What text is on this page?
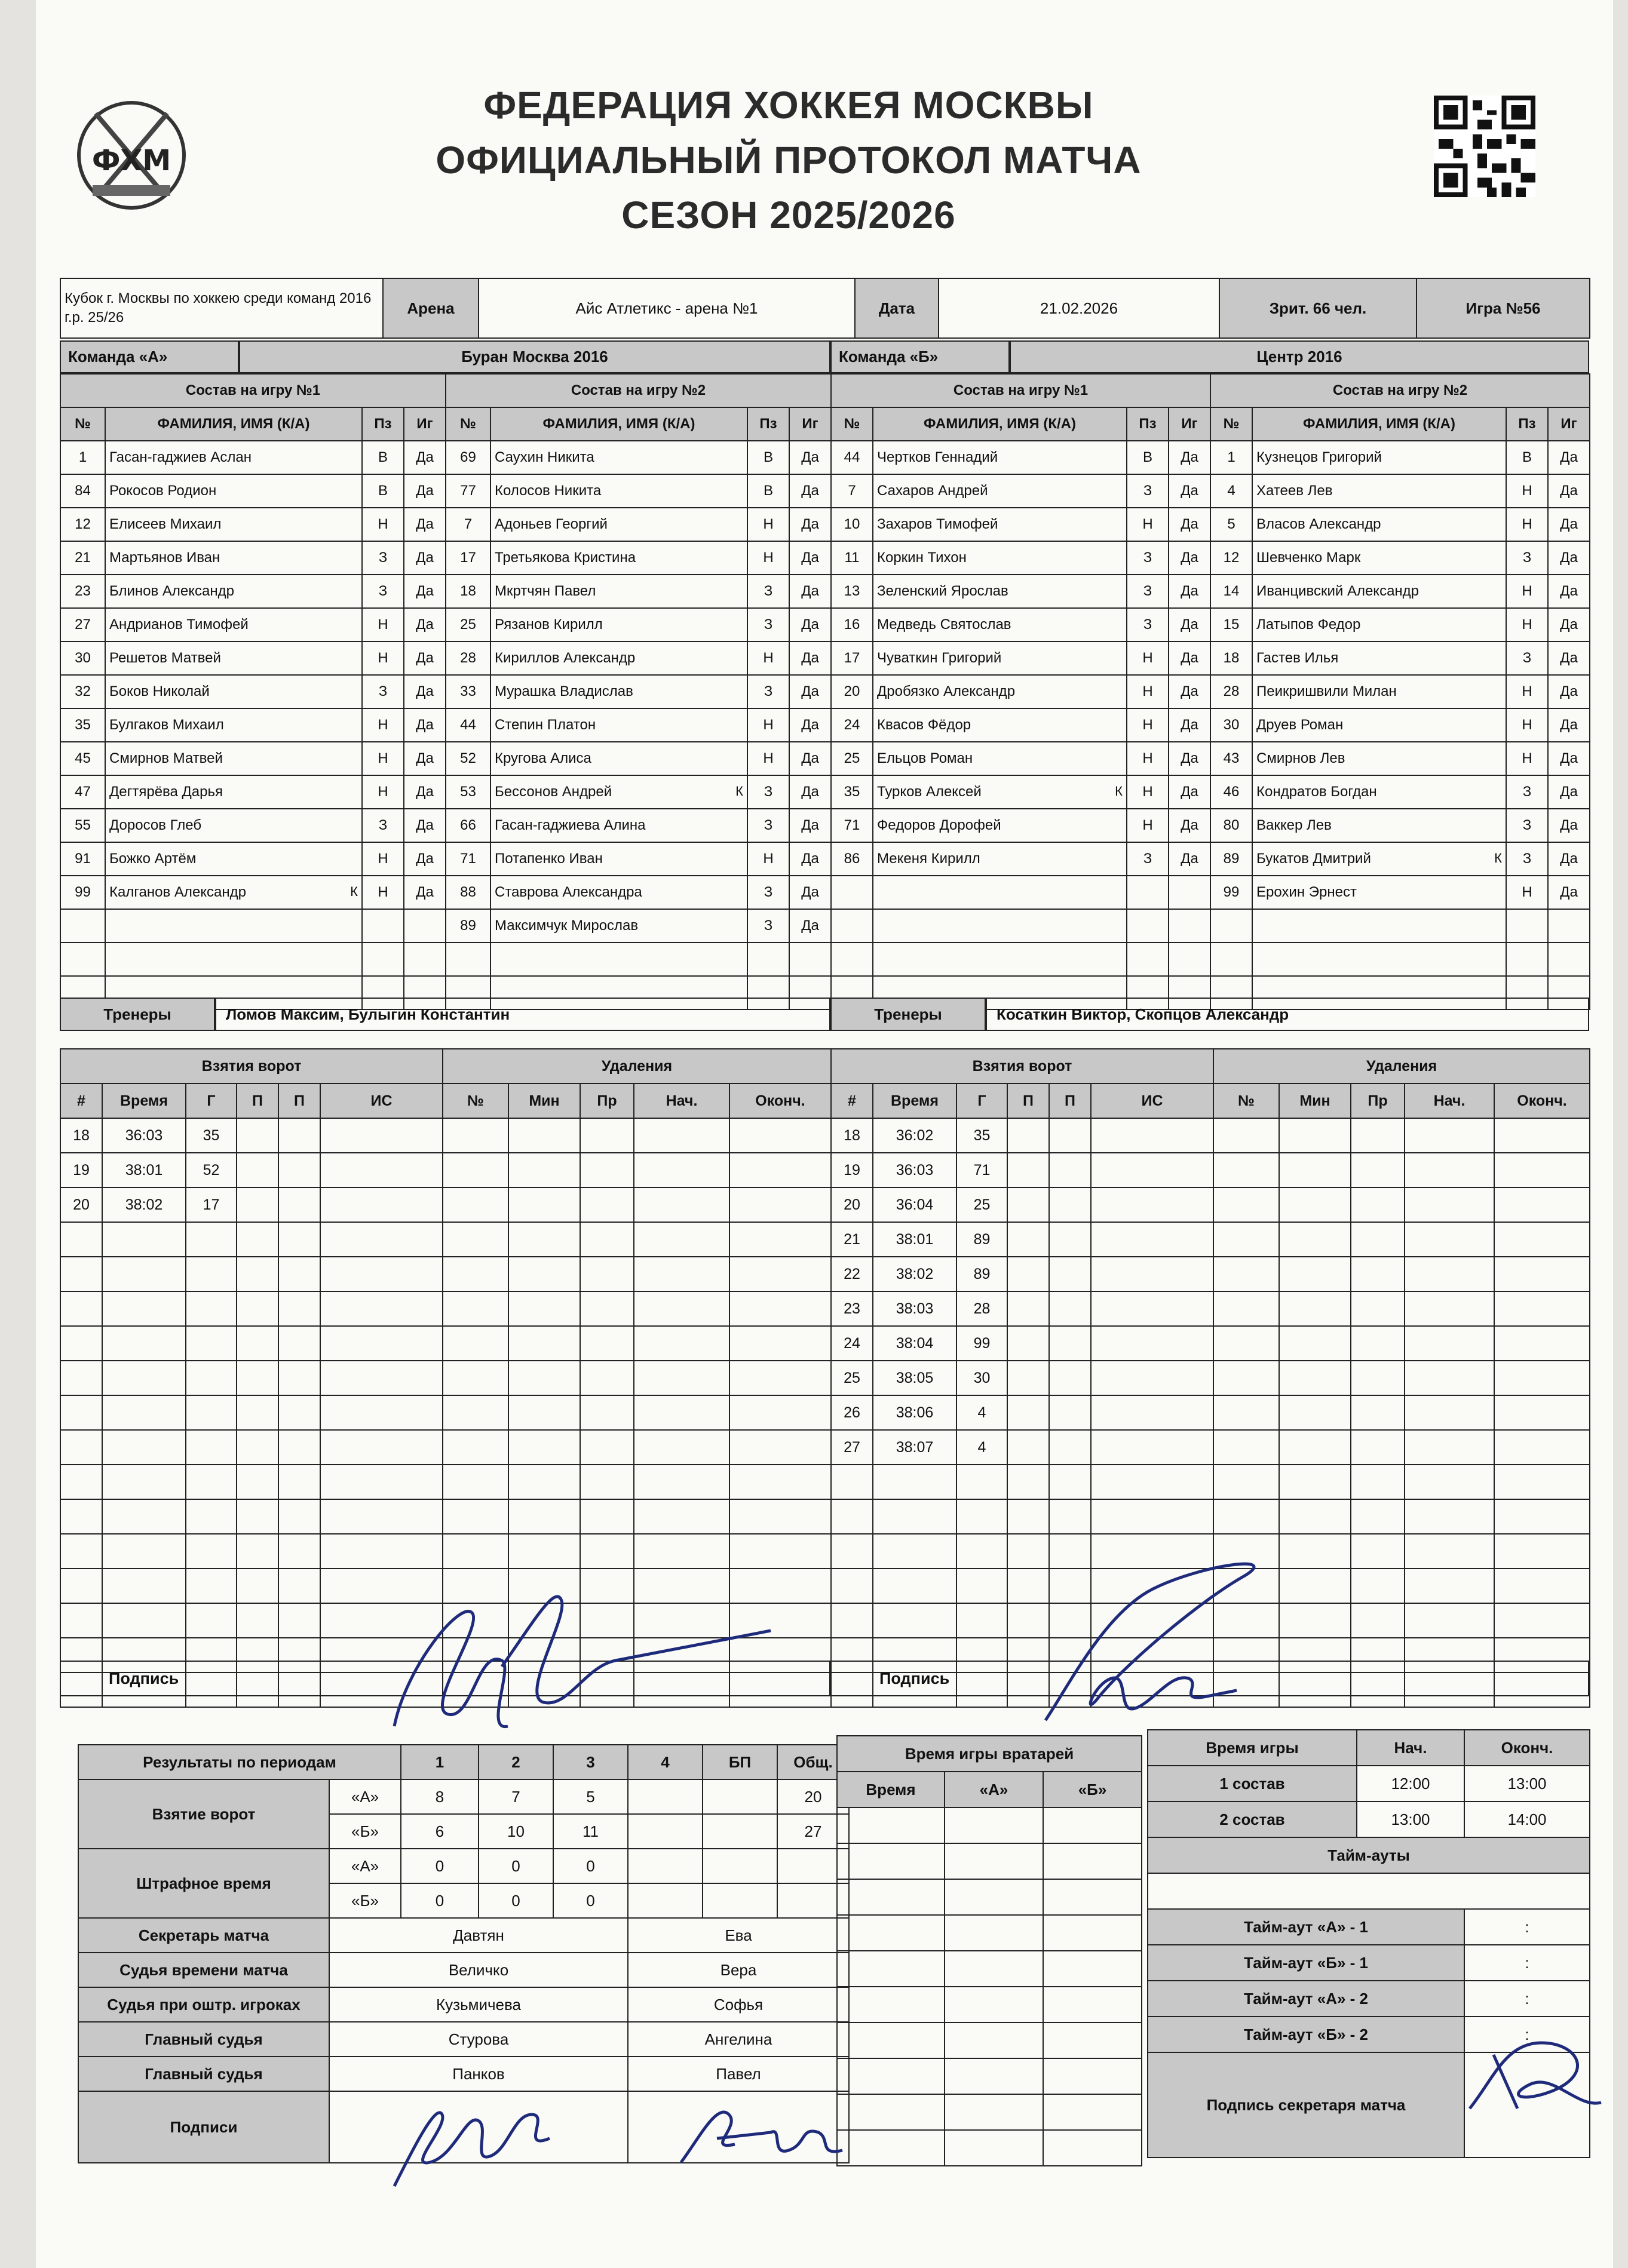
ФХМ
ФЕДЕРАЦИЯ ХОККЕЯ МОСКВЫ
ОФИЦИАЛЬНЫЙ ПРОТОКОЛ МАТЧА
СЕЗОН 2025/2026
Кубок г. Москвы по хоккею среди команд 2016 г.р. 25/26	Арена	Айс Атлетикс - арена №1	Дата	21.02.2026	Зрит. 66 чел.	Игра №56
Команда «А»	Буран Москва 2016	Команда «Б»	Центр 2016
Состав на игру №1			
№	ФАМИЛИЯ, ИМЯ (К/А)	Пз	Иг
1	Гасан-гаджиев Аслан	В	Да
84	Рокосов Родион	В	Да
12	Елисеев Михаил	Н	Да
21	Мартьянов Иван	З	Да
23	Блинов Александр	З	Да
27	Андрианов Тимофей	Н	Да
30	Решетов Матвей	Н	Да
32	Боков Николай	З	Да
35	Булгаков Михаил	Н	Да
45	Смирнов Матвей	Н	Да
47	Дегтярёва Дарья	Н	Да
55	Доросов Глеб	З	Да
91	Божко Артём	Н	Да
99	Калганов Александр К	Н	Да

Состав на игру №2			
№	ФАМИЛИЯ, ИМЯ (К/А)	Пз	Иг
69	Саухин Никита	В	Да
77	Колосов Никита	В	Да
7	Адоньев Георгий	Н	Да
17	Третьякова Кристина	Н	Да
18	Мкртчян Павел	З	Да
25	Рязанов Кирилл	З	Да
28	Кириллов Александр	Н	Да
33	Мурашка Владислав	З	Да
44	Степин Платон	Н	Да
52	Кругова Алиса	Н	Да
53	Бессонов Андрей К	З	Да
66	Гасан-гаджиева Алина	З	Да
71	Потапенко Иван	Н	Да
88	Ставрова Александра	З	Да
89	Максимчук Мирослав	З	Да

Состав на игру №1			
№	ФАМИЛИЯ, ИМЯ (К/А)	Пз	Иг
44	Чертков Геннадий	В	Да
7	Сахаров Андрей	З	Да
10	Захаров Тимофей	Н	Да
11	Коркин Тихон	З	Да
13	Зеленский Ярослав	З	Да
16	Медведь Святослав	З	Да
17	Чуваткин Григорий	Н	Да
20	Дробязко Александр	Н	Да
24	Квасов Фёдор	Н	Да
25	Ельцов Роман	Н	Да
35	Турков Алексей К	Н	Да
71	Федоров Дорофей	Н	Да
86	Мекеня Кирилл	З	Да

Состав на игру №2			
№	ФАМИЛИЯ, ИМЯ (К/А)	Пз	Иг
1	Кузнецов Григорий	В	Да
4	Хатеев Лев	Н	Да
5	Власов Александр	Н	Да
12	Шевченко Марк	З	Да
14	Иванцивский Александр	Н	Да
15	Латыпов Федор	Н	Да
18	Гастев Илья	З	Да
28	Пеикришвили Милан	Н	Да
30	Друев Роман	Н	Да
43	Смирнов Лев	Н	Да
46	Кондратов Богдан	З	Да
80	Ваккер Лев	З	Да
89	Букатов Дмитрий К	З	Да
99	Ерохин Эрнест	Н	Да

Тренеры	Ломов Максим, Булыгин Константин	Тренеры	Косаткин Виктор, Скопцов Александр
Взятия ворот					
#	Время	Г	П	П	ИС
18	36:03	35			
19	38:01	52			
20	38:02	17			

Удаления				
№	Мин	Пр	Нач.	Оконч.

Взятия ворот					
#	Время	Г	П	П	ИС
18	36:02	35			
19	36:03	71			
20	36:04	25			
21	38:01	89			
22	38:02	89			
23	38:03	28			
24	38:04	99			
25	38:05	30			
26	38:06	4			
27	38:07	4			

Удаления				
№	Мин	Пр	Нач.	Оконч.

Подпись	Подпись
Результаты по периодам		1	2	3	4	БП	Общ.
Взятие ворот	«А»	8	7	5			20
	«Б»	6	10	11			27
Штрафное время	«А»	0	0	0			
	«Б»	0	0	0			
Секретарь матча	Давтян				Ева		
Судья времени матча	Величко				Вера		
Судья при оштр. игроках	Кузьмичева				Софья		
Главный судья	Стурова				Ангелина		
Главный судья	Панков				Павел		
Подписи							
Время игры вратарей		
Время	«А»	«Б»

Время игры	Нач.	Оконч.
1 состав	12:00	13:00
2 состав	13:00	14:00
Тайм-ауты		

Тайм-аут «А» - 1		:
Тайм-аут «Б» - 1		:
Тайм-аут «А» - 2		:
Тайм-аут «Б» - 2		:
Подпись секретаря матча		
